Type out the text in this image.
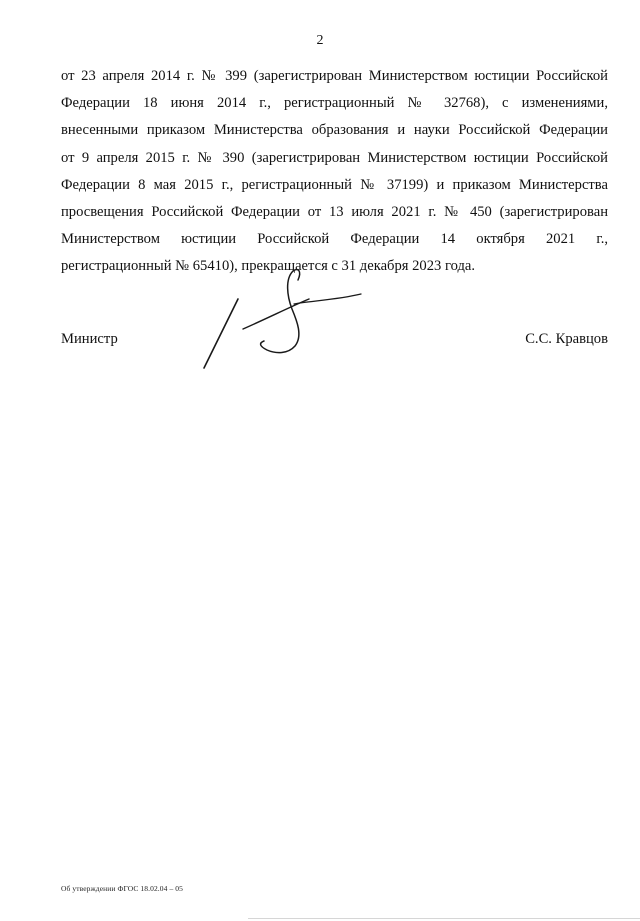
2
от 23 апреля 2014 г. № 399 (зарегистрирован Министерством юстиции Российской
Федерации 18 июня 2014 г., регистрационный № 32768), с изменениями,
внесенными приказом Министерства образования и науки Российской Федерации
от 9 апреля 2015 г. № 390 (зарегистрирован Министерством юстиции Российской
Федерации 8 мая 2015 г., регистрационный № 37199) и приказом Министерства
просвещения Российской Федерации от 13 июля 2021 г. № 450 (зарегистрирован
Министерством юстиции Российской Федерации 14 октября 2021 г.,
регистрационный № 65410), прекращается с 31 декабря 2023 года.
Министр	С.С. Кравцов
Об утверждении ФГОС 18.02.04 – 05
